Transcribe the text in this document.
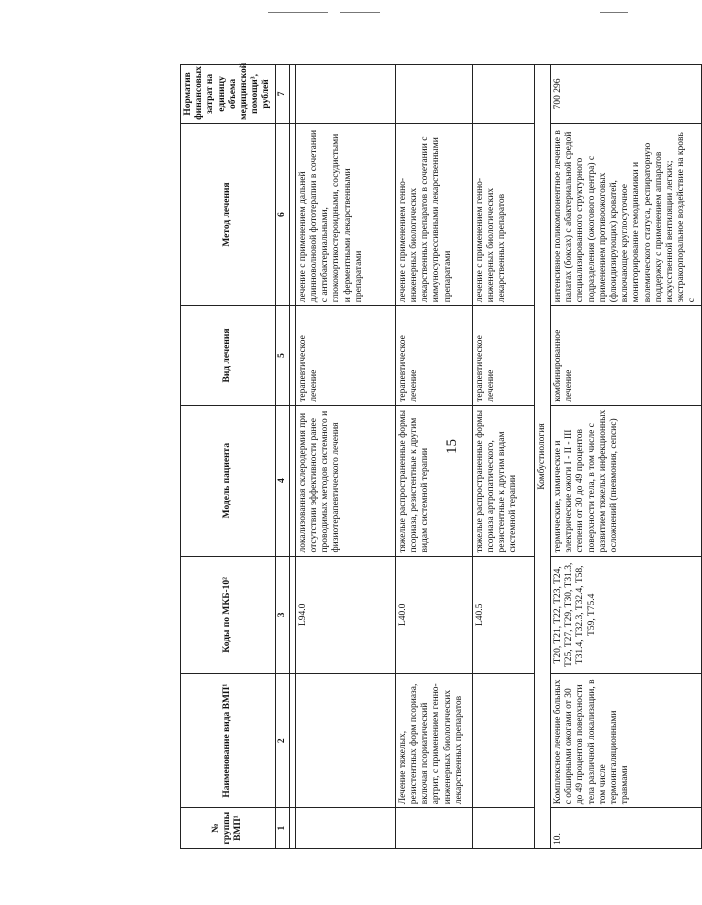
15
№ группы ВМП¹	Наименование вида ВМП¹	Коды по МКБ-10²	Модель пациента	Вид лечения	Метод лечения	Норматив финансовых затрат на единицу объема медицинской помощи³, рублей
1	2	3	4	5	6	7

		L94.0	локализованная склеродермия при отсутствии эффективности ранее проводимых методов системного и физиотерапевтического лечения	терапевтическое лечение	лечение с применением дальней длинноволновой фототерапии в сочетании с антибактериальными, глюкокортикостероидными, сосудистыми и ферментными лекарственными препаратами	
	Лечение тяжелых, резистентных форм псориаза, включая псориатический артрит, с применением генно-инженерных биологических лекарственных препаратов	L40.0	тяжелые распространенные формы псориаза, резистентные к другим видам системной терапии	терапевтическое лечение	лечение с применением генно-инженерных биологических лекарственных препаратов в сочетании с иммуносупрессивными лекарственными препаратами	
		L40.5	тяжелые распространенные формы псориаза артропатического, резистентные к другим видам системной терапии	терапевтическое лечение	лечение с применением генно-инженерных биологических лекарственных препаратов	
Комбустиология						
10.	Комплексное лечение больных с обширными ожогами от 30 до 49 процентов поверхности тела различной локализации, в том числе термоингаляционными травмами	T20, T21, T22, T23, T24, T25, T27, T29, T30, T31.3, T31.4, T32.3, T32.4, T58, T59, T75.4	термические, химические и электрические ожоги I - II - III степени от 30 до 49 процентов поверхности тела, в том числе с развитием тяжелых инфекционных осложнений (пневмония, сепсис)	комбинированное лечение	интенсивное поликомпонентное лечение в палатах (боксах) с абактериальной средой специализированного структурного подразделения (ожогового центра) с применением противоожоговых (флюидизирующих) кроватей, включающее круглосуточное мониторирование гемодинамики и волемического статуса, респираторную поддержку с применением аппаратов искусственной вентиляции легких; экстракорпоральное воздействие на кровь с	700 296
